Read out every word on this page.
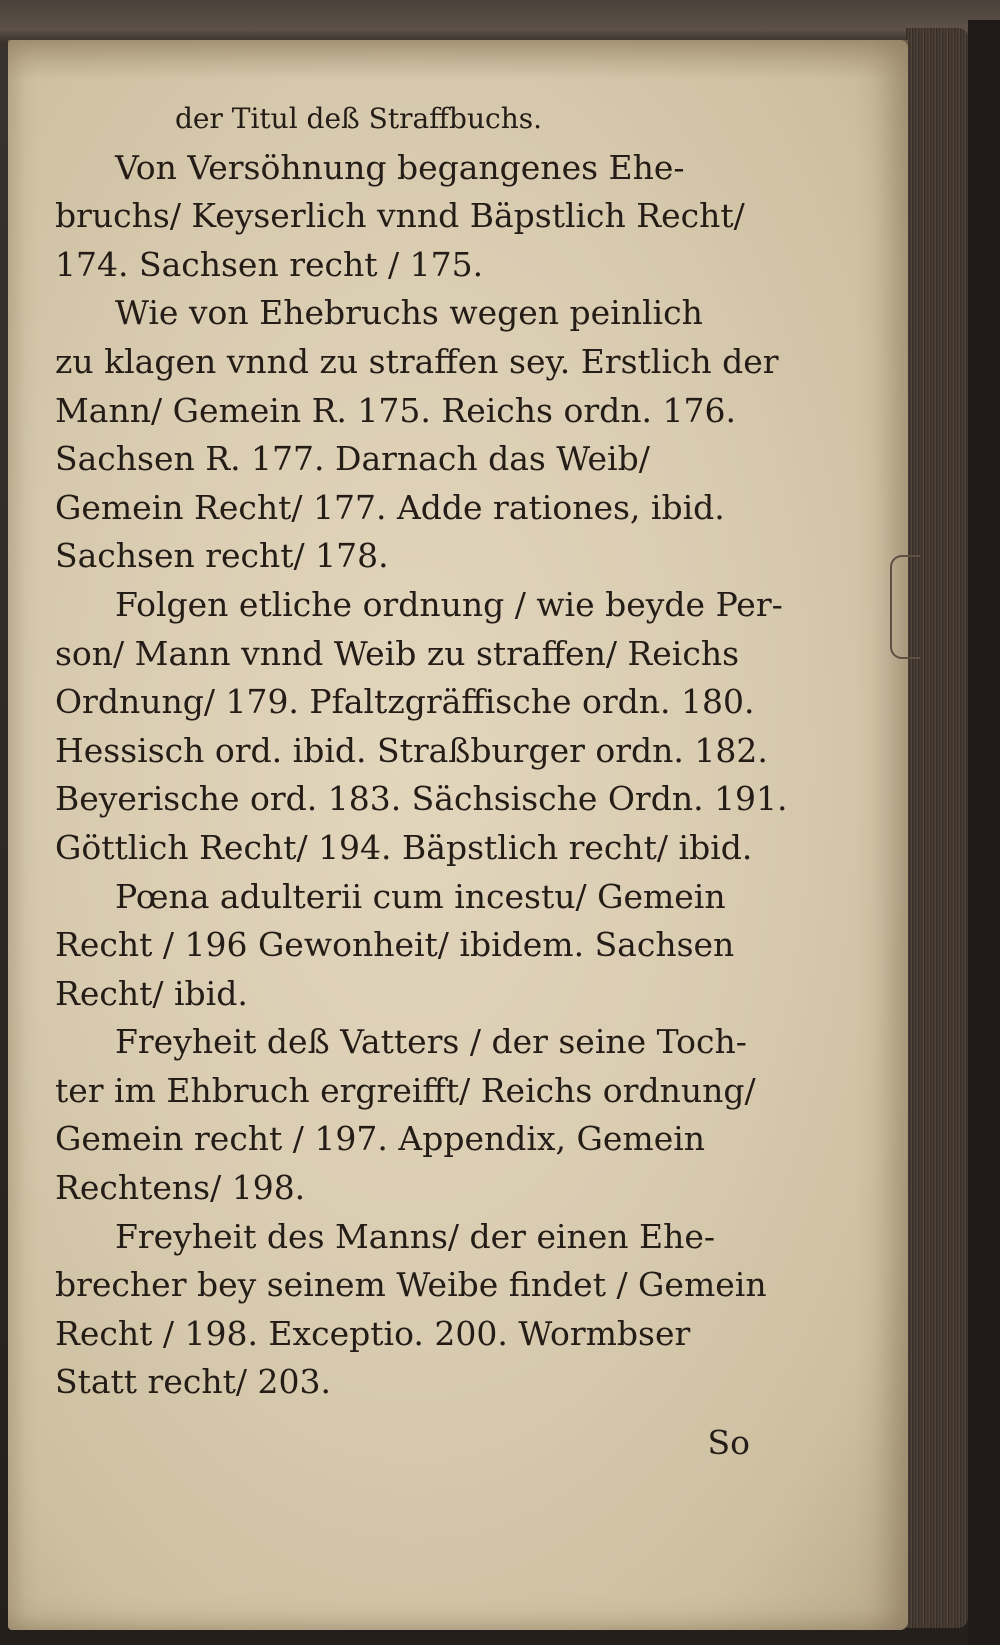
der Titul deß Straffbuchs.
Von Versöhnung begangenes Ehe-
bruchs/ Keyserlich vnnd Bäpstlich Recht/
174. Sachsen recht / 175.
Wie von Ehebruchs wegen peinlich
zu klagen vnnd zu straffen sey. Erstlich der
Mann/ Gemein R. 175. Reichs ordn. 176.
Sachsen R. 177. Darnach das Weib/
Gemein Recht/ 177. Adde rationes, ibid.
Sachsen recht/ 178.
Folgen etliche ordnung / wie beyde Per-
son/ Mann vnnd Weib zu straffen/ Reichs
Ordnung/ 179. Pfaltzgräffische ordn. 180.
Hessisch ord. ibid. Straßburger ordn. 182.
Beyerische ord. 183. Sächsische Ordn. 191.
Göttlich Recht/ 194. Bäpstlich recht/ ibid.
Pœna adulterii cum incestu/ Gemein
Recht / 196 Gewonheit/ ibidem. Sachsen
Recht/ ibid.
Freyheit deß Vatters / der seine Toch-
ter im Ehbruch ergreifft/ Reichs ordnung/
Gemein recht / 197. Appendix, Gemein
Rechtens/ 198.
Freyheit des Manns/ der einen Ehe-
brecher bey seinem Weibe findet / Gemein
Recht / 198. Exceptio. 200. Wormbser
Statt recht/ 203.
So
